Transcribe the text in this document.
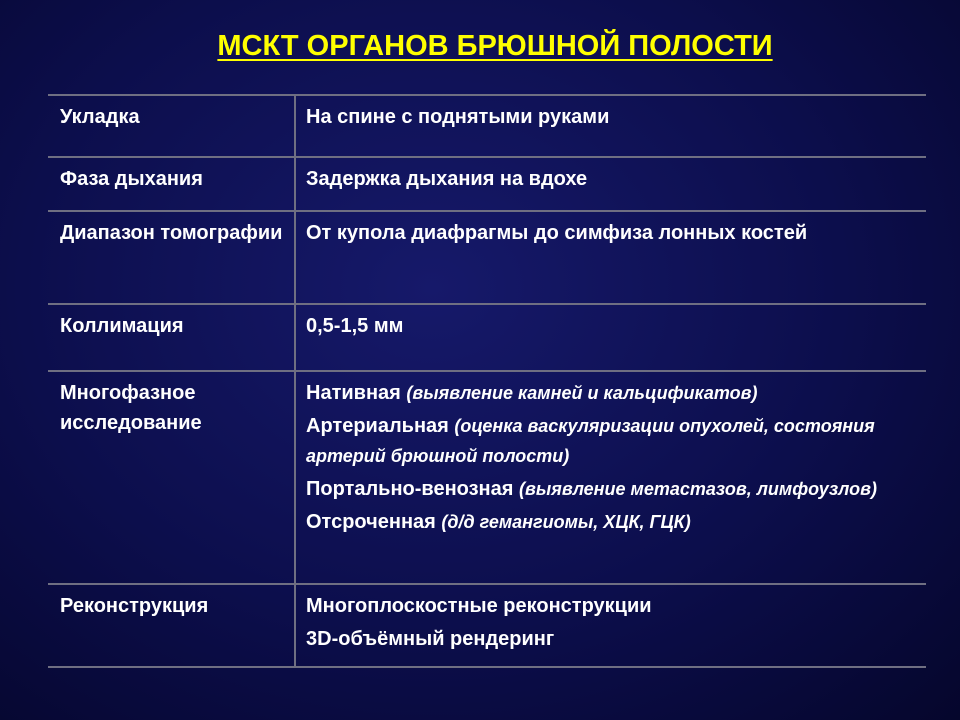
МСКТ ОРГАНОВ БРЮШНОЙ ПОЛОСТИ
Укладка	На спине с поднятыми руками
Фаза дыхания	Задержка дыхания на вдохе
Диапазон томографии	От купола диафрагмы до симфиза лонных костей
Коллимация	0,5-1,5 мм
Многофазное исследование	Нативная (выявление камней и кальцификатов)
Артериальная (оценка васкуляризации опухолей, состояния артерий брюшной полости)
Портально-венозная (выявление метастазов, лимфоузлов)
Отсроченная (д/д гемангиомы, ХЦК, ГЦК)

Реконструкция	Многоплоскостные реконструкции
3D-объёмный рендеринг
